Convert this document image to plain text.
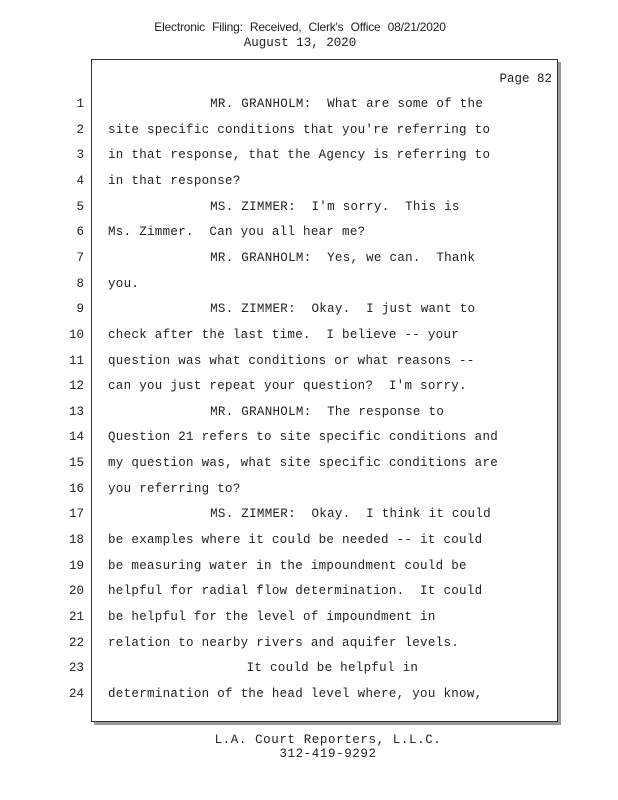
Electronic Filing: Received, Clerk's Office 08/21/2020
August 13, 2020
Page 82
1	MR. GRANHOLM:  What are some of the
2 site specific conditions that you're referring to
3 in that response, that the Agency is referring to
4 in that response?
5	MS. ZIMMER:  I'm sorry.  This is
6 Ms. Zimmer.  Can you all hear me?
7	MR. GRANHOLM:  Yes, we can.  Thank
8 you.
9	MS. ZIMMER:  Okay.  I just want to
10 check after the last time.  I believe -- your
11 question was what conditions or what reasons --
12 can you just repeat your question?  I'm sorry.
13	MR. GRANHOLM:  The response to
14 Question 21 refers to site specific conditions and
15 my question was, what site specific conditions are
16 you referring to?
17	MS. ZIMMER:  Okay.  I think it could
18 be examples where it could be needed -- it could
19 be measuring water in the impoundment could be
20 helpful for radial flow determination.  It could
21 be helpful for the level of impoundment in
22 relation to nearby rivers and aquifer levels.
23	It could be helpful in
24 determination of the head level where, you know,
L.A. Court Reporters, L.L.C.
312-419-9292
